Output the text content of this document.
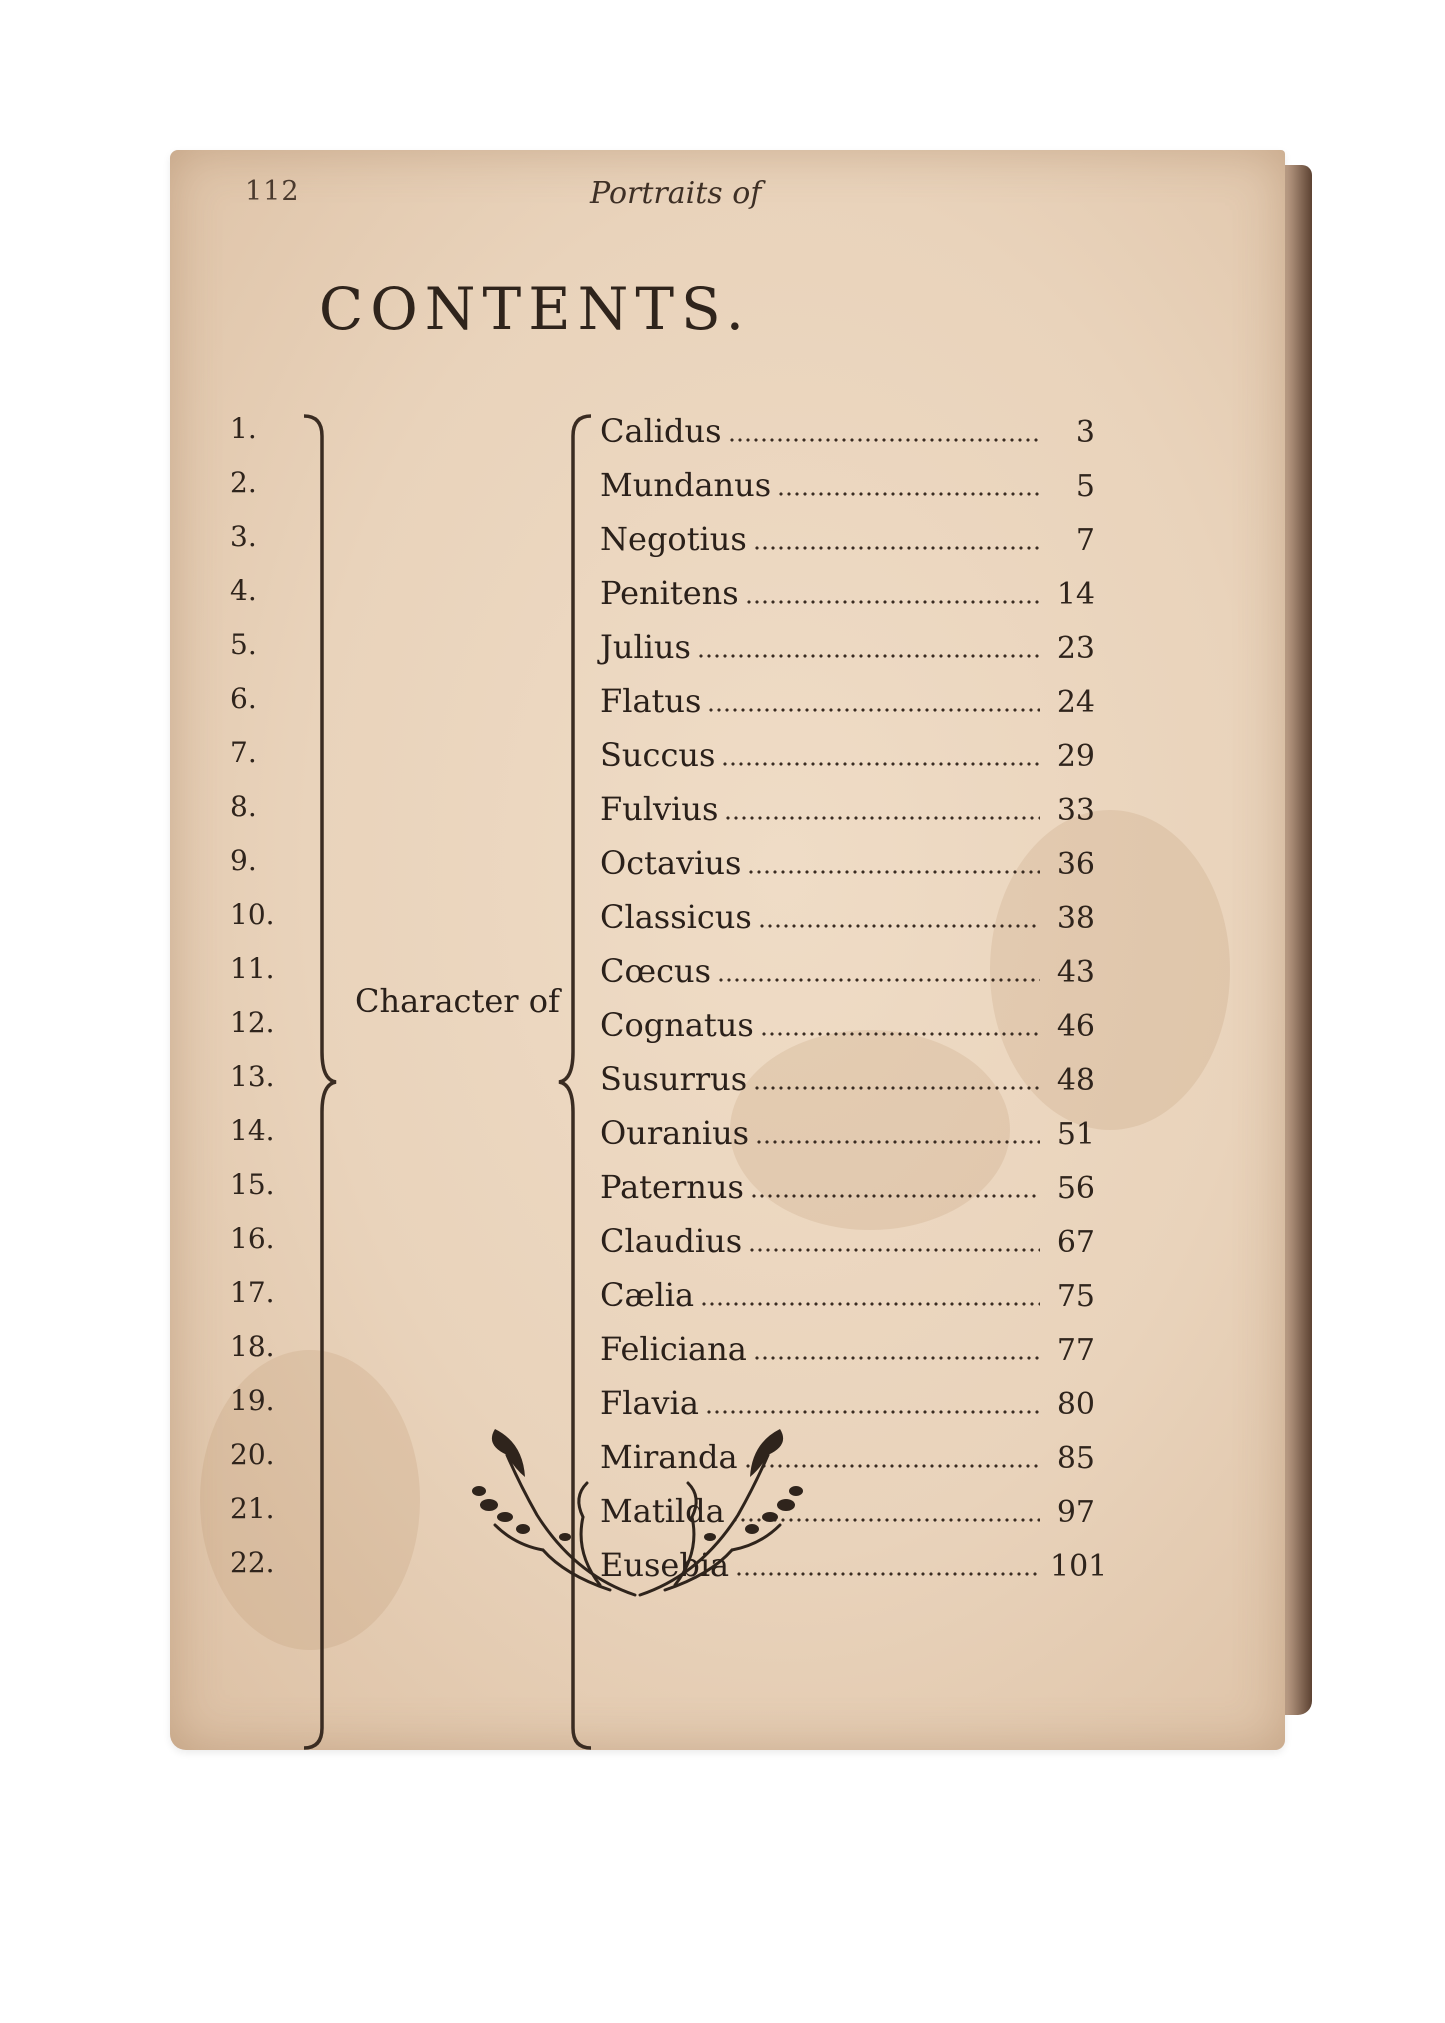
112	Portraits of
CONTENTS.
Character of
1.	Calidus	3
2.	Mundanus	5
3.	Negotius	7
4.	Penitens	14
5.	Julius	23
6.	Flatus	24
7.	Succus	29
8.	Fulvius	33
9.	Octavius	36
10.	Classicus	38
11.	Cœcus	43
12.	Cognatus	46
13.	Susurrus	48
14.	Ouranius	51
15.	Paternus	56
16.	Claudius	67
17.	Cælia	75
18.	Feliciana	77
19.	Flavia	80
20.	Miranda	85
21.	Matilda	97
22.	Eusebia	101
